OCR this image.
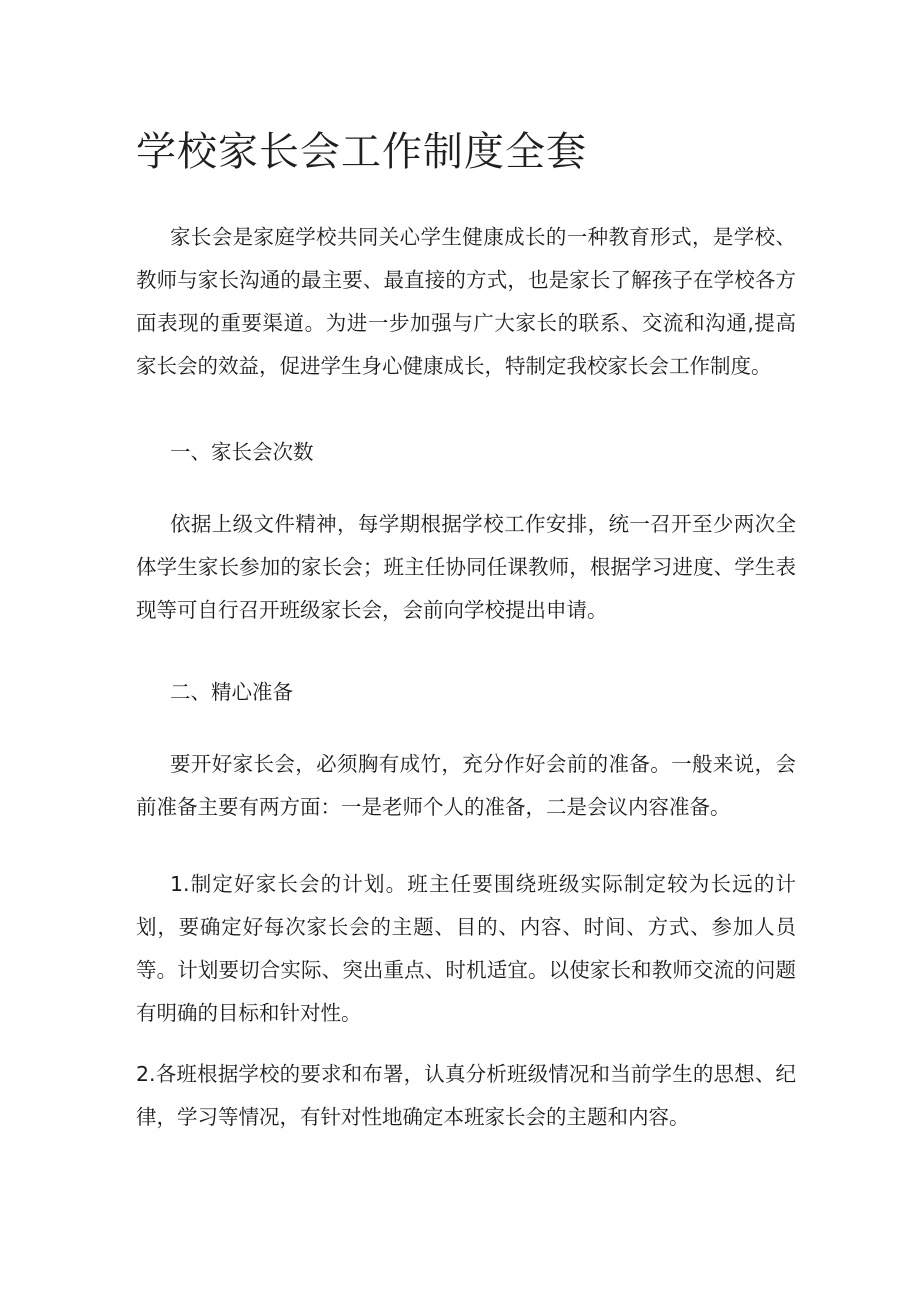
学校家长会工作制度全套

家长会是家庭学校共同关心学生健康成长的一种教育形式，是学校、教师与家长沟通的最主要、最直接的方式，也是家长了解孩子在学校各方面表现的重要渠道。为进一步加强与广大家长的联系、交流和沟通,提高家长会的效益，促进学生身心健康成长，特制定我校家长会工作制度。

一、家长会次数

依据上级文件精神，每学期根据学校工作安排，统一召开至少两次全体学生家长参加的家长会；班主任协同任课教师，根据学习进度、学生表现等可自行召开班级家长会，会前向学校提出申请。

二、精心准备

要开好家长会，必须胸有成竹，充分作好会前的准备。一般来说，会前准备主要有两方面：一是老师个人的准备，二是会议内容准备。

1.制定好家长会的计划。班主任要围绕班级实际制定较为长远的计划，要确定好每次家长会的主题、目的、内容、时间、方式、参加人员等。计划要切合实际、突出重点、时机适宜。以使家长和教师交流的问题有明确的目标和针对性。

2.各班根据学校的要求和布署，认真分析班级情况和当前学生的思想、纪律，学习等情况，有针对性地确定本班家长会的主题和内容。
